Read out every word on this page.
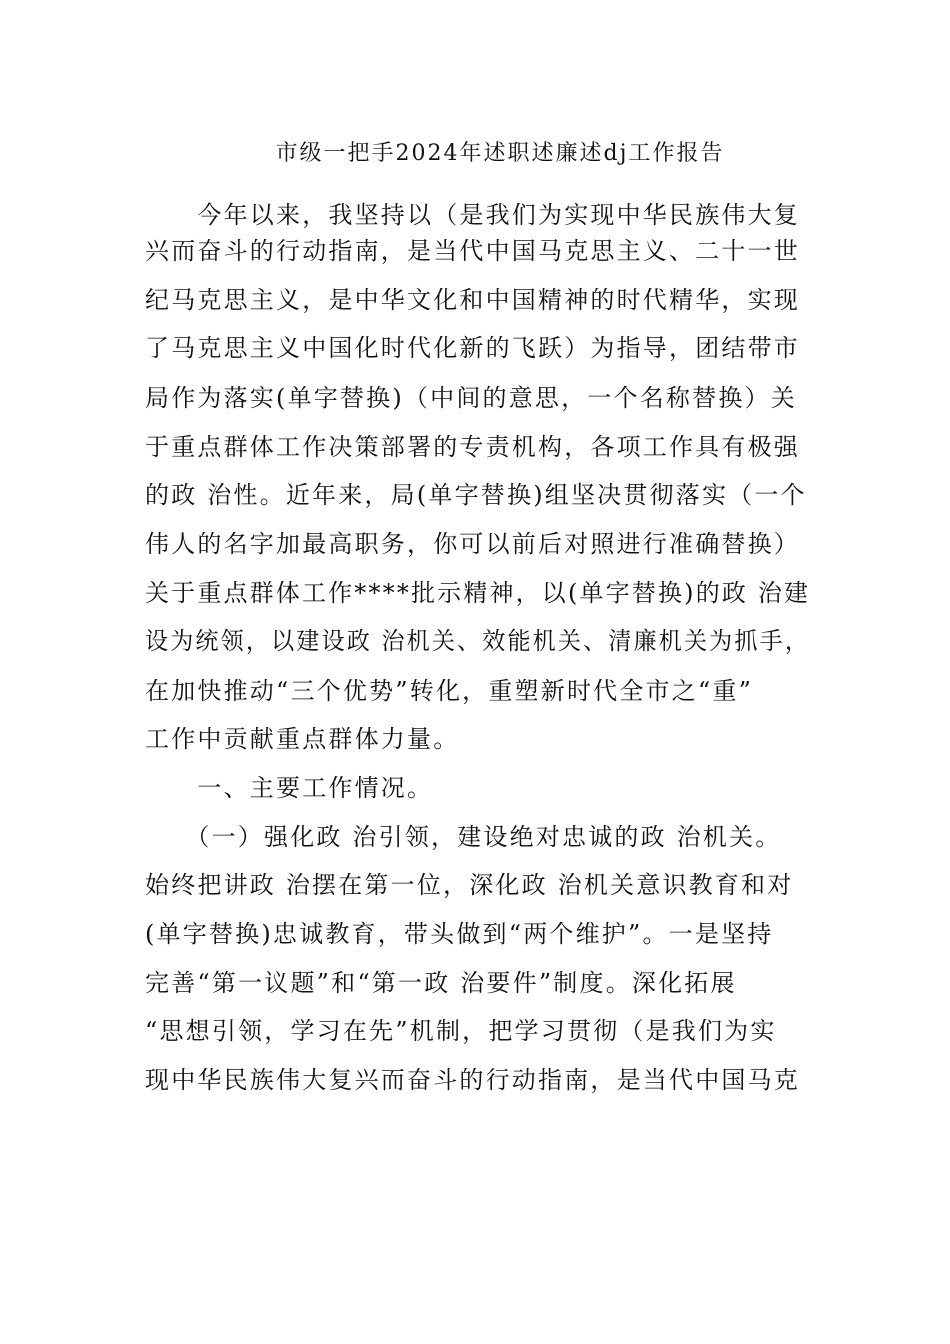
市级一把手2024年述职述廉述dj工作报告
　　今年以来，我坚持以（是我们为实现中华民族伟大复
兴而奋斗的行动指南，是当代中国马克思主义、二十一世
纪马克思主义，是中华文化和中国精神的时代精华，实现
了马克思主义中国化时代化新的飞跃）为指导，团结带市
局作为落实(单字替换)（中间的意思，一个名称替换）关
于重点群体工作决策部署的专责机构，各项工作具有极强
的政 治性。近年来，局(单字替换)组坚决贯彻落实（一个
伟人的名字加最高职务，你可以前后对照进行准确替换）
关于重点群体工作****批示精神，以(单字替换)的政 治建
设为统领，以建设政 治机关、效能机关、清廉机关为抓手，
在加快推动“三个优势”转化，重塑新时代全市之“重”
工作中贡献重点群体力量。
　　一、主要工作情况。
　　（一）强化政 治引领，建设绝对忠诚的政 治机关。
始终把讲政 治摆在第一位，深化政 治机关意识教育和对
(单字替换)忠诚教育，带头做到“两个维护”。一是坚持
完善“第一议题”和“第一政 治要件”制度。深化拓展
“思想引领，学习在先”机制，把学习贯彻（是我们为实
现中华民族伟大复兴而奋斗的行动指南，是当代中国马克
